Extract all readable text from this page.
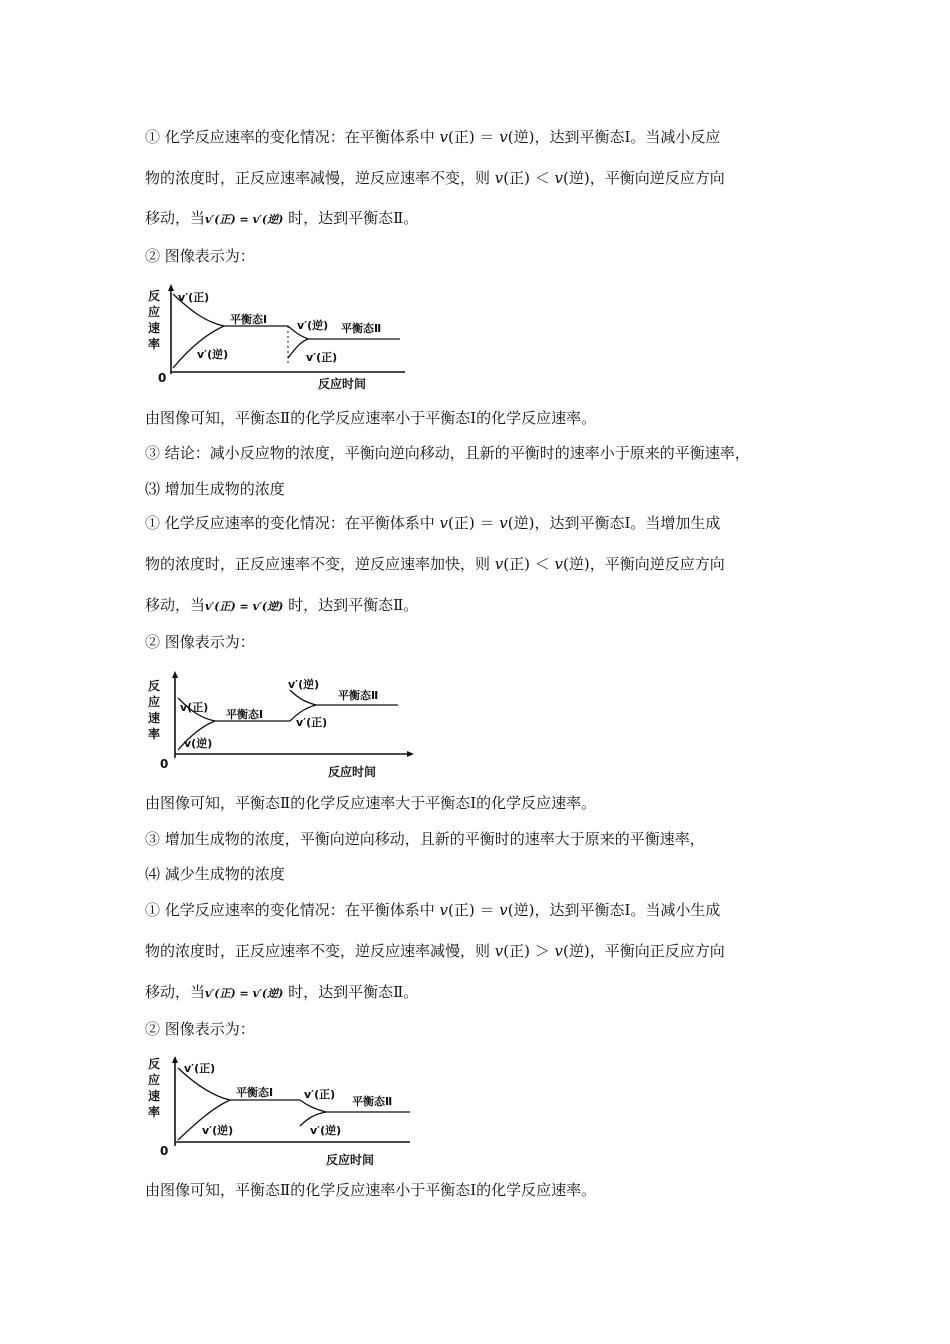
① 化学反应速率的变化情况：在平衡体系中 v(正) ＝ v(逆)，达到平衡态Ⅰ。当减小反应
物的浓度时，正反应速率减慢，逆反应速率不变，则 v(正) ＜ v(逆)，平衡向逆反应方向
移动，当v′(正) = v′(逆) 时，达到平衡态Ⅱ。
② 图像表示为：
反
应
速
率
0	反应时间
v′(正)
平衡态Ⅰ	v′(逆) 平衡态Ⅱ
v′(逆)	v′(正)
由图像可知，平衡态Ⅱ的化学反应速率小于平衡态Ⅰ的化学反应速率。
③ 结论：减小反应物的浓度，平衡向逆向移动，且新的平衡时的速率小于原来的平衡速率，
⑶ 增加生成物的浓度
① 化学反应速率的变化情况：在平衡体系中 v(正) ＝ v(逆)，达到平衡态Ⅰ。当增加生成
物的浓度时，正反应速率不变，逆反应速率加快，则 v(正) ＜ v(逆)，平衡向逆反应方向
移动，当v′(正) = v′(逆) 时，达到平衡态Ⅱ。
② 图像表示为：
反
应
速
率
0
反应时间
v(正)
平衡态Ⅰ
v(逆)
v′(逆)
平衡态Ⅱ
v′(正)
由图像可知，平衡态Ⅱ的化学反应速率大于平衡态Ⅰ的化学反应速率。
③ 增加生成物的浓度，平衡向逆向移动，且新的平衡时的速率大于原来的平衡速率，
⑷ 减少生成物的浓度
① 化学反应速率的变化情况：在平衡体系中 v(正) ＝ v(逆)，达到平衡态Ⅰ。当减小生成
物的浓度时，正反应速率不变，逆反应速率减慢，则 v(正) ＞ v(逆)，平衡向正反应方向
移动，当v′(正) = v′(逆) 时，达到平衡态Ⅱ。
② 图像表示为：
反
应
速
率
0
反应时间
v′(正)
平衡态Ⅰ	v′(正)
平衡态Ⅱ
v′(逆)	v′(逆)
由图像可知，平衡态Ⅱ的化学反应速率小于平衡态Ⅰ的化学反应速率。
